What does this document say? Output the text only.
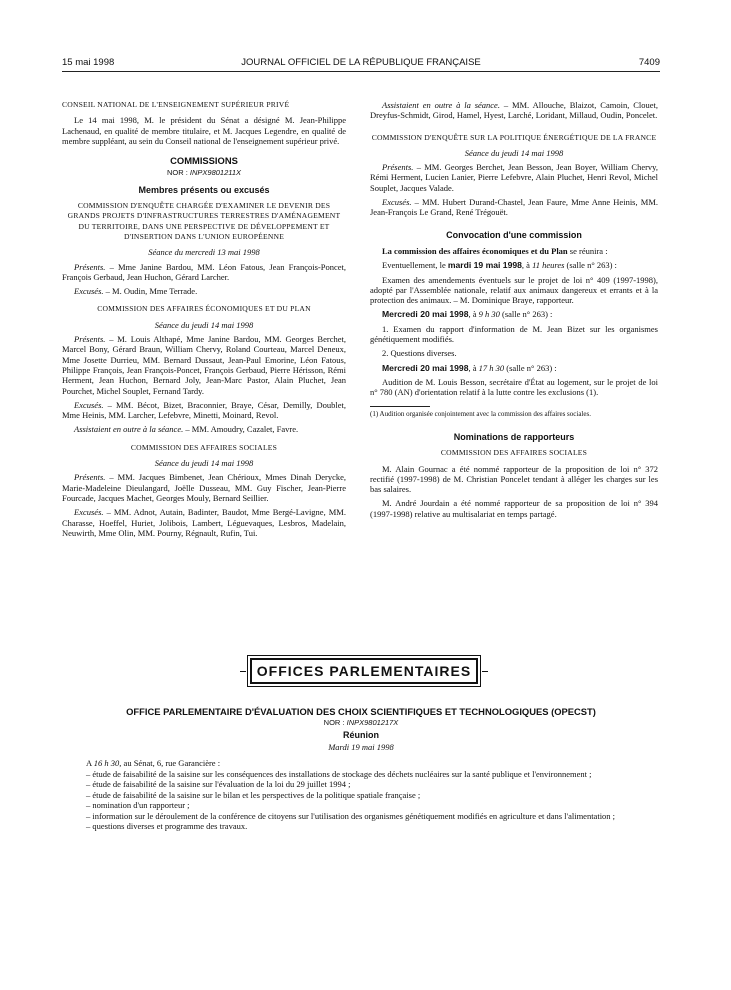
15 mai 1998	JOURNAL OFFICIEL DE LA RÉPUBLIQUE FRANÇAISE	7409
CONSEIL NATIONAL DE L'ENSEIGNEMENT SUPÉRIEUR PRIVÉ

Le 14 mai 1998, M. le président du Sénat a désigné M. Jean-Philippe Lachenaud, en qualité de membre titulaire, et M. Jacques Legendre, en qualité de membre suppléant, au sein du Conseil national de l'enseignement supérieur privé.

COMMISSIONS
NOR : INPX9801211X
Membres présents ou excusés
COMMISSION D'ENQUÊTE CHARGÉE D'EXAMINER LE DEVENIR DES GRANDS PROJETS D'INFRASTRUCTURES TERRESTRES D'AMÉNAGEMENT DU TERRITOIRE, DANS UNE PERSPECTIVE DE DÉVELOPPEMENT ET D'INSERTION DANS L'UNION EUROPÉENNE
Séance du mercredi 13 mai 1998

Présents. – Mme Janine Bardou, MM. Léon Fatous, Jean François-Poncet, François Gerbaud, Jean Huchon, Gérard Larcher.

Excusés. – M. Oudin, Mme Terrade.

COMMISSION DES AFFAIRES ÉCONOMIQUES ET DU PLAN
Séance du jeudi 14 mai 1998

Présents. – M. Louis Althapé, Mme Janine Bardou, MM. Georges Berchet, Marcel Bony, Gérard Braun, William Chervy, Roland Courteau, Marcel Deneux, Mme Josette Durrieu, MM. Bernard Dussaut, Jean-Paul Emorine, Léon Fatous, Philippe François, Jean François-Poncet, François Gerbaud, Pierre Hérisson, Rémi Herment, Jean Huchon, Bernard Joly, Jean-Marc Pastor, Alain Pluchet, Jean Pourchet, Michel Souplet, Fernand Tardy.

Excusés. – MM. Bécot, Bizet, Braconnier, Braye, César, Demilly, Doublet, Mme Heinis, MM. Larcher, Lefebvre, Minetti, Moinard, Revol.

Assistaient en outre à la séance. – MM. Amoudry, Cazalet, Favre.

COMMISSION DES AFFAIRES SOCIALES
Séance du jeudi 14 mai 1998

Présents. – MM. Jacques Bimbenet, Jean Chérioux, Mmes Dinah Derycke, Marie-Madeleine Dieulangard, Joëlle Dusseau, MM. Guy Fischer, Jean-Pierre Fourcade, Jacques Machet, Georges Mouly, Bernard Seillier.

Excusés. – MM. Adnot, Autain, Badinter, Baudot, Mme Bergé-Lavigne, MM. Charasse, Hoeffel, Huriet, Jolibois, Lambert, Léguevaques, Lesbros, Madelain, Neuwirth, Mme Olin, MM. Pourny, Régnault, Rufin, Tui.

Assistaient en outre à la séance. – MM. Allouche, Blaizot, Camoin, Clouet, Dreyfus-Schmidt, Girod, Hamel, Hyest, Larché, Loridant, Millaud, Oudin, Poncelet.

COMMISSION D'ENQUÊTE SUR LA POLITIQUE ÉNERGÉTIQUE DE LA FRANCE
Séance du jeudi 14 mai 1998

Présents. – MM. Georges Berchet, Jean Besson, Jean Boyer, William Chervy, Rémi Herment, Lucien Lanier, Pierre Lefebvre, Alain Pluchet, Henri Revol, Michel Souplet, Jacques Valade.

Excusés. – MM. Hubert Durand-Chastel, Jean Faure, Mme Anne Heinis, MM. Jean-François Le Grand, René Trégouët.

Convocation d'une commission

La commission des affaires économiques et du Plan se réunira :

Eventuellement, le mardi 19 mai 1998, à 11 heures (salle n° 263) :

Examen des amendements éventuels sur le projet de loi n° 409 (1997-1998), adopté par l'Assemblée nationale, relatif aux animaux dangereux et errants et à la protection des animaux. – M. Dominique Braye, rapporteur.

Mercredi 20 mai 1998, à 9 h 30 (salle n° 263) :

1. Examen du rapport d'information de M. Jean Bizet sur les organismes génétiquement modifiés.

2. Questions diverses.

Mercredi 20 mai 1998, à 17 h 30 (salle n° 263) :

Audition de M. Louis Besson, secrétaire d'État au logement, sur le projet de loi n° 780 (AN) d'orientation relatif à la lutte contre les exclusions (1).

(1) Audition organisée conjointement avec la commission des affaires sociales.
Nominations de rapporteurs
COMMISSION DES AFFAIRES SOCIALES

M. Alain Gournac a été nommé rapporteur de la proposition de loi n° 372 rectifié (1997-1998) de M. Christian Poncelet tendant à alléger les charges sur les bas salaires.

M. André Jourdain a été nommé rapporteur de sa proposition de loi n° 394 (1997-1998) relative au multisalariat en temps partagé.

OFFICES PARLEMENTAIRES
OFFICE PARLEMENTAIRE D'ÉVALUATION DES CHOIX SCIENTIFIQUES ET TECHNOLOGIQUES (OPECST)
NOR : INPX9801217X
Réunion
Mardi 19 mai 1998
A 16 h 30, au Sénat, 6, rue Garancière :
– étude de faisabilité de la saisine sur les conséquences des installations de stockage des déchets nucléaires sur la santé publique et l'environnement ;
– étude de faisabilité de la saisine sur l'évaluation de la loi du 29 juillet 1994 ;
– étude de faisabilité de la saisine sur le bilan et les perspectives de la politique spatiale française ;
– nomination d'un rapporteur ;
– information sur le déroulement de la conférence de citoyens sur l'utilisation des organismes génétiquement modifiés en agriculture et dans l'alimentation ;
– questions diverses et programme des travaux.
